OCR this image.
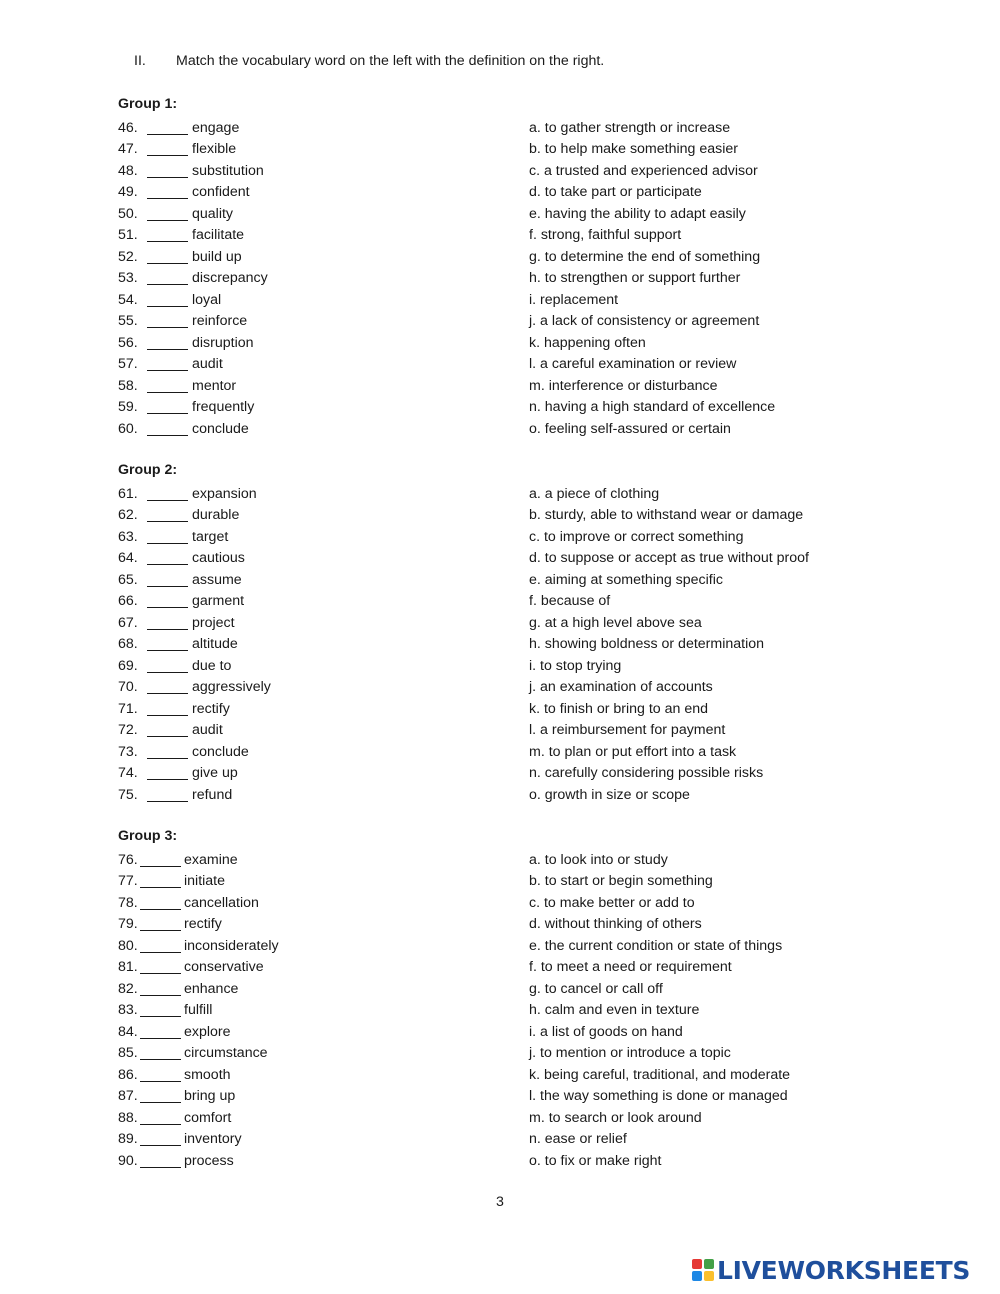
II. Match the vocabulary word on the left with the definition on the right.
Group 1:
46.	engage	a. to gather strength or increase
47.	flexible	b. to help make something easier
48.	substitution	c. a trusted and experienced advisor
49.	confident	d. to take part or participate
50.	quality	e. having the ability to adapt easily
51.	facilitate	f. strong, faithful support
52.	build up	g. to determine the end of something
53.	discrepancy	h. to strengthen or support further
54.	loyal	i. replacement
55.	reinforce	j. a lack of consistency or agreement
56.	disruption	k. happening often
57.	audit	l. a careful examination or review
58.	mentor	m. interference or disturbance
59.	frequently	n. having a high standard of excellence
60.	conclude	o. feeling self-assured or certain
Group 2:
61.	expansion	a. a piece of clothing
62.	durable	b. sturdy, able to withstand wear or damage
63.	target	c. to improve or correct something
64.	cautious	d. to suppose or accept as true without proof
65.	assume	e. aiming at something specific
66.	garment	f. because of
67.	project	g. at a high level above sea
68.	altitude	h. showing boldness or determination
69.	due to	i. to stop trying
70.	aggressively	j. an examination of accounts
71.	rectify	k. to finish or bring to an end
72.	audit	l. a reimbursement for payment
73.	conclude	m. to plan or put effort into a task
74.	give up	n. carefully considering possible risks
75.	refund	o. growth in size or scope
Group 3:
76.	examine	a. to look into or study
77.	initiate	b. to start or begin something
78.	cancellation	c. to make better or add to
79.	rectify	d. without thinking of others
80.	inconsiderately	e. the current condition or state of things
81.	conservative	f. to meet a need or requirement
82.	enhance	g. to cancel or call off
83.	fulfill	h. calm and even in texture
84.	explore	i. a list of goods on hand
85.	circumstance	j. to mention or introduce a topic
86.	smooth	k. being careful, traditional, and moderate
87.	bring up	l. the way something is done or managed
88.	comfort	m. to search or look around
89.	inventory	n. ease or relief
90.	process	o. to fix or make right
3
LIVEWORKSHEETS
